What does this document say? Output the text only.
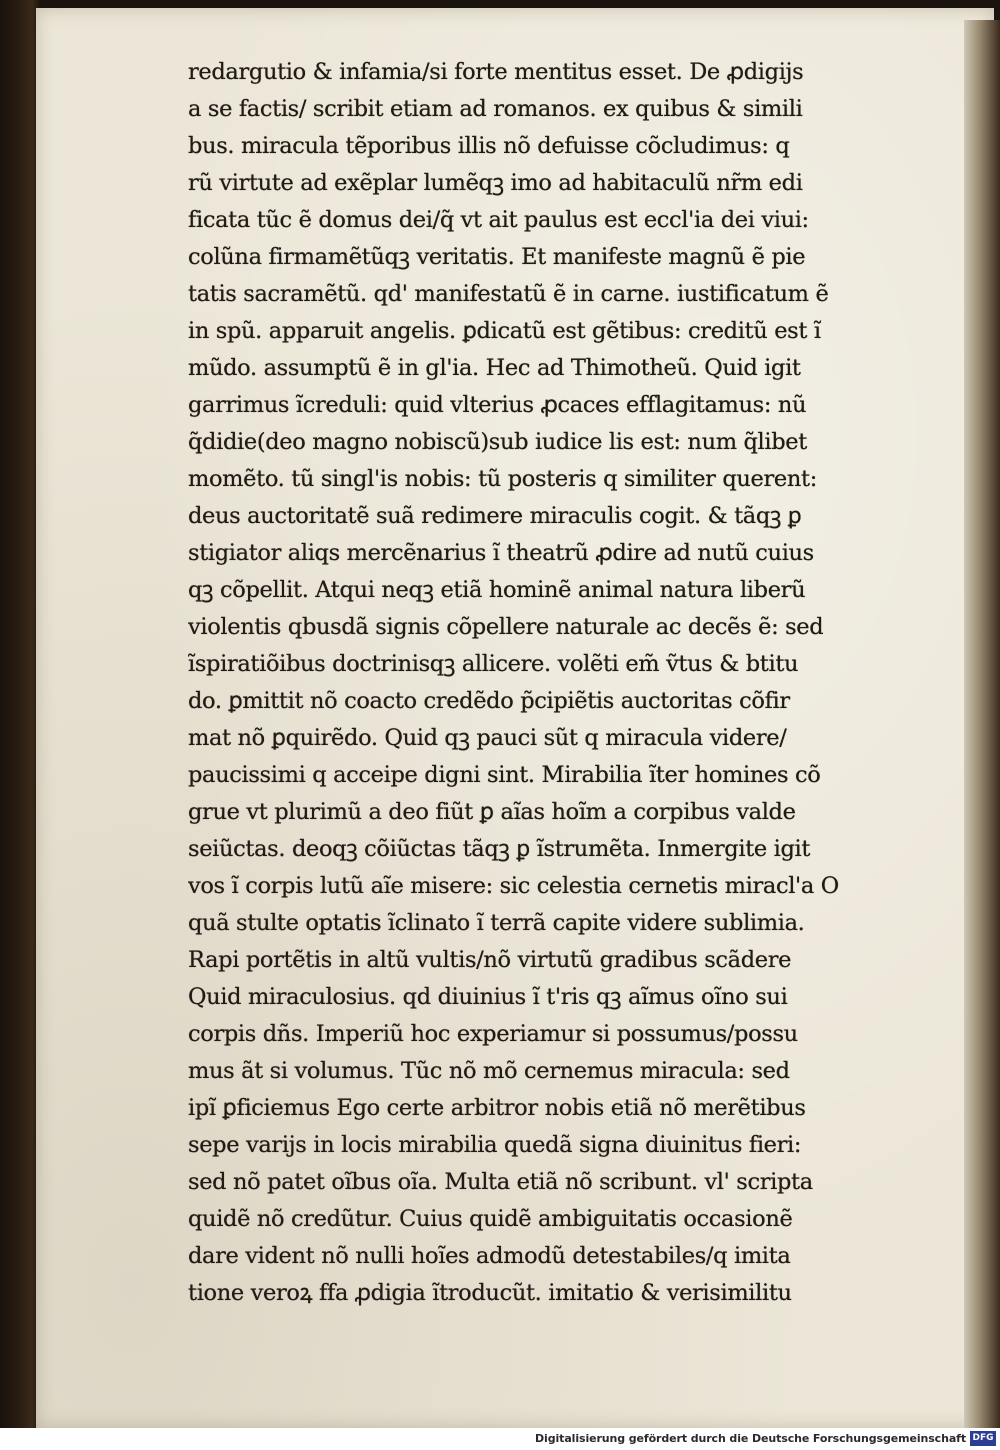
redargutio & infamia/si forte mentitus esset. De ꝓdigijs
a se factis/ scribit etiam ad romanos. ex quibus & simili
bus. miracula tẽporibus illis nõ defuisse cõcludimus: q
rũ virtute ad exẽplar lumẽqꝫ imo ad habitaculũ nr̃m edi
ficata tũc ẽ domus dei/q̃ vt ait paulus est eccl'ia dei viui:
colũna firmamẽtũqꝫ veritatis. Et manifeste magnũ ẽ pie
tatis sacramẽtũ. qd' manifestatũ ẽ in carne. iustificatum ẽ
in spũ. apparuit angelis. ꝑdicatũ est gẽtibus: creditũ est ĩ
mũdo. assumptũ ẽ in gl'ia. Hec ad Thimotheũ. Quid igit
garrimus ĩcreduli: quid vlterius ꝓcaces efflagitamus: nũ
q̃didie(deo magno nobiscũ)sub iudice lis est: num q̃libet
momẽto. tũ singl'is nobis: tũ posteris q similiter querent:
deus auctoritatẽ suã redimere miraculis cogit. & tãqꝫ ꝑ
stigiator aliqs mercẽnarius ĩ theatrũ ꝓdire ad nutũ cuius
qꝫ cõpellit. Atqui neqꝫ etiã hominẽ animal natura liberũ
violentis qbusdã signis cõpellere naturale ac decẽs ẽ: sed
ĩspiratiõibus doctrinisqꝫ allicere. volẽti em̃ ṽtus & btitu
do. ꝑmittit nõ coacto credẽdo p̃cipiẽtis auctoritas cõfir
mat nõ ꝑquirẽdo. Quid qꝫ pauci sũt q miracula videre/
paucissimi q acceipe digni sint. Mirabilia ĩter homines cõ
grue vt plurimũ a deo fiũt ꝑ aĩas hoĩm a corpibus valde
seiũctas. deoqꝫ cõiũctas tãqꝫ ꝑ ĩstrumẽta. Inmergite igit
vos ĩ corpis lutũ aĩe misere: sic celestia cernetis miracl'a O
quã stulte optatis ĩclinato ĩ terrã capite videre sublimia.
Rapi portẽtis in altũ vultis/nõ virtutũ gradibus scãdere
Quid miraculosius. qd diuinius ĩ t'ris qꝫ aĩmus oĩno sui
corpis dñs. Imperiũ hoc experiamur si possumus/possu
mus ãt si volumus. Tũc nõ mõ cernemus miracula: sed
ipĩ ꝑficiemus Ego certe arbitror nobis etiã nõ merẽtibus
sepe varijs in locis mirabilia quedã signa diuinitus fieri:
sed nõ patet oĩbus oĩa. Multa etiã nõ scribunt. vl' scripta
quidẽ nõ credũtur. Cuius quidẽ ambiguitatis occasionẽ
dare vident nõ nulli hoĩes admodũ detestabiles/q imita
tione veroꝝ ffa ꝓdigia ĩtroducũt. imitatio & verisimilitu
Digitalisierung gefördert durch die Deutsche Forschungsgemeinschaft DFG
